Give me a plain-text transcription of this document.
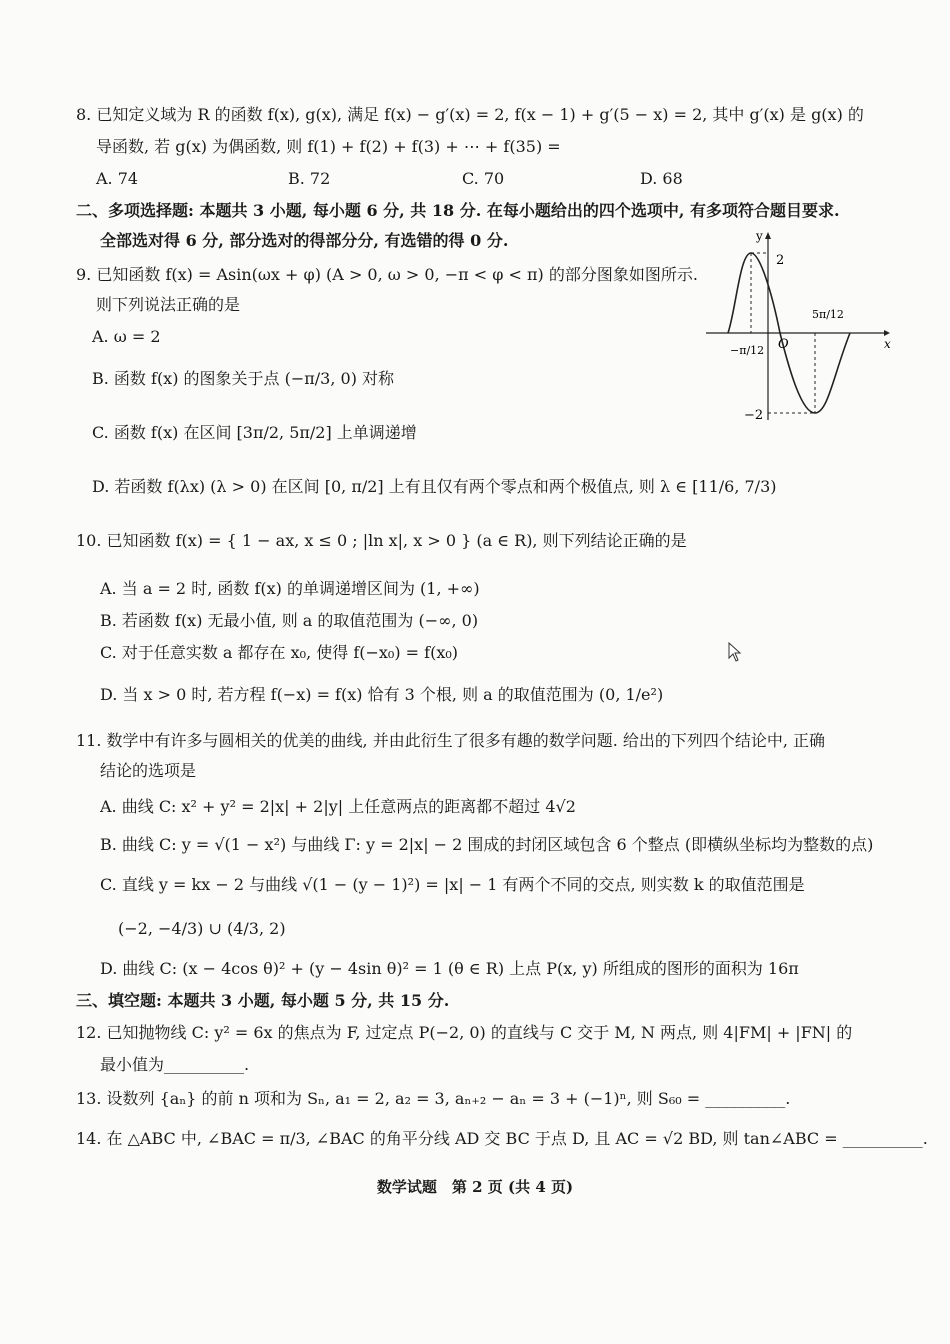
8. 已知定义域为 R 的函数 f(x), g(x), 满足 f(x) − g′(x) = 2, f(x − 1) + g′(5 − x) = 2, 其中 g′(x) 是 g(x) 的
导函数, 若 g(x) 为偶函数, 则 f(1) + f(2) + f(3) + ⋯ + f(35) =
A. 74	B. 72	C. 70	D. 68
二、多项选择题: 本题共 3 小题, 每小题 6 分, 共 18 分. 在每小题给出的四个选项中, 有多项符合题目要求.
全部选对得 6 分, 部分选对的得部分分, 有选错的得 0 分.
9. 已知函数 f(x) = Asin(ωx + φ) (A > 0, ω > 0, −π < φ < π) 的部分图象如图所示.
则下列说法正确的是
A. ω = 2
B. 函数 f(x) 的图象关于点 (−π/3, 0) 对称
C. 函数 f(x) 在区间 [3π/2, 5π/2] 上单调递增
D. 若函数 f(λx) (λ > 0) 在区间 [0, π/2] 上有且仅有两个零点和两个极值点, 则 λ ∈ [11/6, 7/3)
y
x
O
2
−2
−π/12
5π/12
10. 已知函数 f(x) = { 1 − ax, x ≤ 0 ; |ln x|, x > 0 } (a ∈ R), 则下列结论正确的是
A. 当 a = 2 时, 函数 f(x) 的单调递增区间为 (1, +∞)
B. 若函数 f(x) 无最小值, 则 a 的取值范围为 (−∞, 0)
C. 对于任意实数 a 都存在 x₀, 使得 f(−x₀) = f(x₀)
D. 当 x > 0 时, 若方程 f(−x) = f(x) 恰有 3 个根, 则 a 的取值范围为 (0, 1/e²)
11. 数学中有许多与圆相关的优美的曲线, 并由此衍生了很多有趣的数学问题. 给出的下列四个结论中, 正确
结论的选项是
A. 曲线 C: x² + y² = 2|x| + 2|y| 上任意两点的距离都不超过 4√2
B. 曲线 C: y = √(1 − x²) 与曲线 Γ: y = 2|x| − 2 围成的封闭区域包含 6 个整点 (即横纵坐标均为整数的点)
C. 直线 y = kx − 2 与曲线 √(1 − (y − 1)²) = |x| − 1 有两个不同的交点, 则实数 k 的取值范围是
(−2, −4/3) ∪ (4/3, 2)
D. 曲线 C: (x − 4cos θ)² + (y − 4sin θ)² = 1 (θ ∈ R) 上点 P(x, y) 所组成的图形的面积为 16π
三、填空题: 本题共 3 小题, 每小题 5 分, 共 15 分.
12. 已知抛物线 C: y² = 6x 的焦点为 F, 过定点 P(−2, 0) 的直线与 C 交于 M, N 两点, 则 4|FM| + |FN| 的
最小值为__________.
13. 设数列 {aₙ} 的前 n 项和为 Sₙ, a₁ = 2, a₂ = 3, aₙ₊₂ − aₙ = 3 + (−1)ⁿ, 则 S₆₀ = __________.
14. 在 △ABC 中, ∠BAC = π/3, ∠BAC 的角平分线 AD 交 BC 于点 D, 且 AC = √2 BD, 则 tan∠ABC = __________.
数学试题　第 2 页 (共 4 页)
